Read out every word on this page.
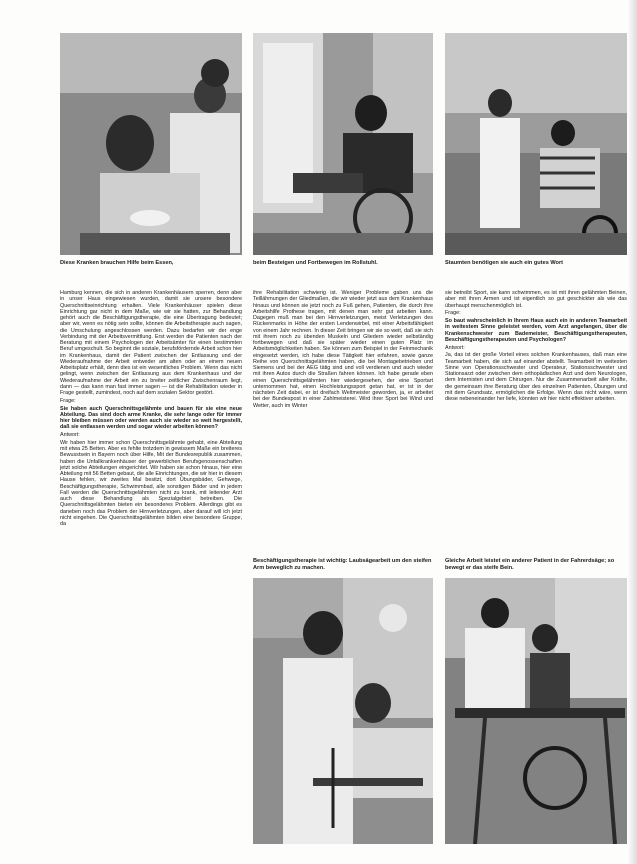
Diese Kranken brauchen Hilfe beim Essen,	beim Besteigen und Fortbewegen im Rollstuhl.	Staumten benötigen sie auch ein gutes Wort

Hamburg kennen, die sich in anderen Krankenhäusern sperren, denn aber in unser Haus eingewiesen wurden, damit sie unsere besondere Querschnittseinrichtung erhalten. Viele Krankenhäuser spielen diese Einrichtung gar nicht in dem Maße, wie wir sie hatten, zur Behandlung gehört auch die Beschäftigungstherapie, die eine Übertragung bedeutet; aber wir, wenn es nötig sein sollte, können die Arbeitstherapie auch sagen, die Umschulung angeschlossen werden. Dazu bedarfen wir der enge Verbindung mit der Arbeitsvermittlung. Erst werden die Patienten nach der Beratung mit einem Psychologen der Arbeitsämter für einen bestimmten Beruf umgeschult. So beginnt die soziale, berufsfördernde Arbeit schon hier im Krankenhaus, damit der Patient zwischen der Entlassung und der Wiederaufnahme der Arbeit entweder am alten oder an einem neuen Arbeitsplatz erhält, denn dies ist ein wesentliches Problem. Wenn das nicht gelingt, wenn zwischen der Entlassung aus dem Krankenhaus und der Wiederaufnahme der Arbeit ein zu breiter zeitlicher Zwischenraum liegt, dann — das kann man fast immer sagen — ist die Rehabilitation wieder in Frage gestellt, zumindest, noch auf dem sozialen Sektor gestört.

Frage:

Sie haben auch Querschnittsgelähmte und bauen für sie eine neue Abteilung. Das sind doch arme Kranke, die sehr lange oder für immer hier bleiben müssen oder werden auch sie wieder so weit hergestellt, daß sie entlassen werden und sogar wieder arbeiten können?

Antwort:

Wir haben hier immer schon Querschnittsgelähmte gehabt, eine Abteilung mit etwa 25 Betten. Aber es fehlte trotzdem in gewissem Maße ein breiteres Bewusstsein in Bayern noch über Hilfe, Mit der Bundesrepublik zusammen, haben die Unfallkrankenhäuser der gewerblichen Berufsgenossenschaften jetzt solche Abteilungen eingerichtet. Wir haben sie schon hinaus, hier eine Abteilung mit 56 Betten gebaut, die alle Einrichtungen, die wir hier in diesem Hause fehlen, wir zweites Mal besitzt, dort Übungsbäder, Gehwege, Beschäftigungstherapie, Schwimmbad, alle sonstigen Bäder und in jedem Fall werden die Querschnittsgelähmten nicht zu krank, mit leitender Arzt auch diese Behandlung als Spezialgebiet betreiben. Die Querschnittsgelähmten bieten ein besonderes Problem. Allerdings gibt es daneben noch das Problem der Hirnverletzungen, aber darauf will ich jetzt nicht eingehen. Die Querschnittsgelähmten bilden eine besondere Gruppe, da

ihre Rehabilitation schwierig ist. Weniger Probleme gaben uns die Teillähmungen der Gliedmaßen, die wir wieder jetzt aus dem Krankenhaus hinaus und können sie jetzt noch zu Fuß gehen, Patienten, die durch ihre Arbeitshilfe Prothese tragen, mit denen man sehr gut arbeiten kann. Dagegen muß man bei den Hirnverletzungen, meist Verletzungen des Rückenmarks in Höhe der ersten Lendenwirbel, mit einer Arbeitsfähigkeit von einem Jahr rechnen. In dieser Zeit bringen wir sie so weit, daß sie sich mit ihrem noch zu übenden Muskeln und Gliedern wieder selbständig fortbewegen und daß sie später wieder einen guten Platz im Arbeitsmöglichkeiten haben. Sie können zum Beispiel in der Feinmechanik eingesetzt werden, ich habe diese Tätigkeit hier erfahren, sowie ganze Reihe von Querschnittsgelähmten haben, die bei Montagebetrieben und Siemens und bei der AEG tätig sind und voll verdienen und auch wieder mit ihren Autos durch die Straßen fahren können. Ich habe gerade eben einen Querschnittsgelähmten hier wiedergesehen, der eine Sportart unternommen hat, einen Hochleistungssport getan hat, er ist in der nächsten Zeit dabei, er ist dreifach Weltmeister geworden, ja, er arbeitet bei der Bundespost in einer Zahlmeisterei. Wird ihrer Sport bei Wind und Wetter, auch im Winter

sie betreibt Sport, sie kann schwimmen, es ist mit ihren gelähmten Beinen, aber mit ihren Armen und ist eigentlich so gut geschickter als wie das überhaupt menschenmöglich ist.

Frage:

So baut wahrscheinlich in Ihrem Haus auch ein in anderen Teamarbeit in weitestem Sinne geleistet werden, vom Arzt angefangen, über die Krankenschwester zum Bademeister, Beschäftigungstherapeuten, Beschäftigungstherapeuten und Psychologen?

Antwort:

Ja, das ist der große Vorteil eines solchen Krankenhauses, daß man eine Teamarbeit haben, die sich auf einander abstellt. Teamarbeit im weitesten Sinne von Operationsschwester und Operateur, Stationsschwester und Stationsarzt oder zwischen dem orthopädischen Arzt und dem Neurologen, dem Internisten und dem Chirurgen. Nur die Zusammenarbeit aller Kräfte, die gemeinsam ihre Beratung über des einzelnen Patienten, Übungen und mit dem Grundsatz, ermöglichen die Erfolge. Wenn das nicht wäre, wenn diese nebeneinander her liefe, könnten wir hier nicht effektiver arbeiten.

Beschäftigungstherapie ist wichtig: Laubsägearbeit um den steifen Arm beweglich zu machen.
Gleiche Arbeit leistet ein anderer Patient in der Fahrerdsäge; so bewegt er das steife Bein.
